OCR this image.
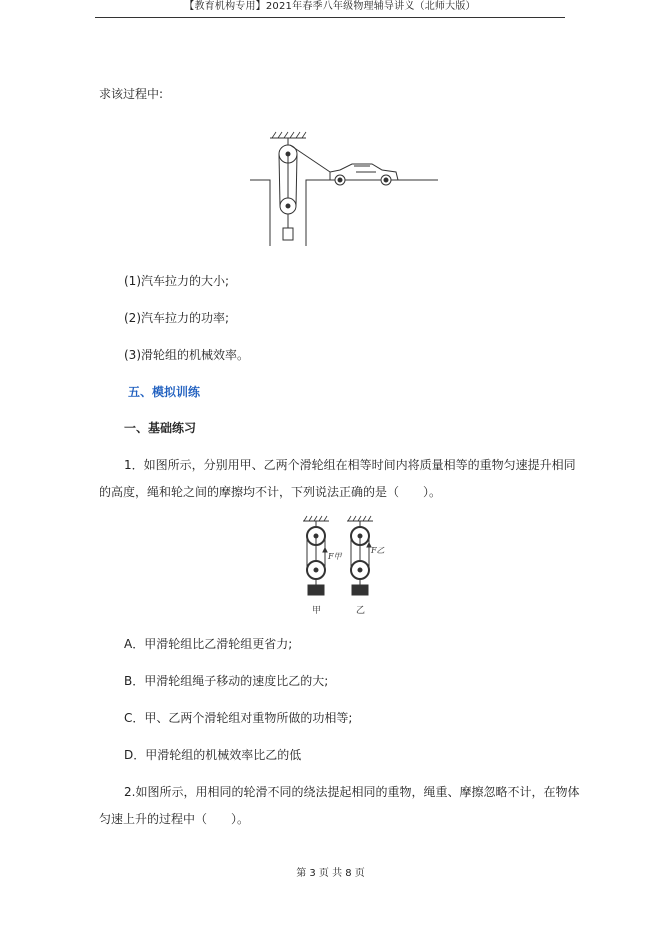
【教育机构专用】2021年春季八年级物理辅导讲义（北师大版）
求该过程中:
(1)汽车拉力的大小;
(2)汽车拉力的功率;
(3)滑轮组的机械效率。
五、模拟训练
一、基础练习
1．如图所示，分别用甲、乙两个滑轮组在相等时间内将质量相等的重物匀速提升相同
的高度，绳和轮之间的摩擦均不计，下列说法正确的是（　　）。
F甲
F乙
甲	乙
A．甲滑轮组比乙滑轮组更省力;
B．甲滑轮组绳子移动的速度比乙的大;
C．甲、乙两个滑轮组对重物所做的功相等;
D．甲滑轮组的机械效率比乙的低
2.如图所示，用相同的轮滑不同的绕法提起相同的重物，绳重、摩擦忽略不计，在物体
匀速上升的过程中（　　）。
第 3 页 共 8 页
